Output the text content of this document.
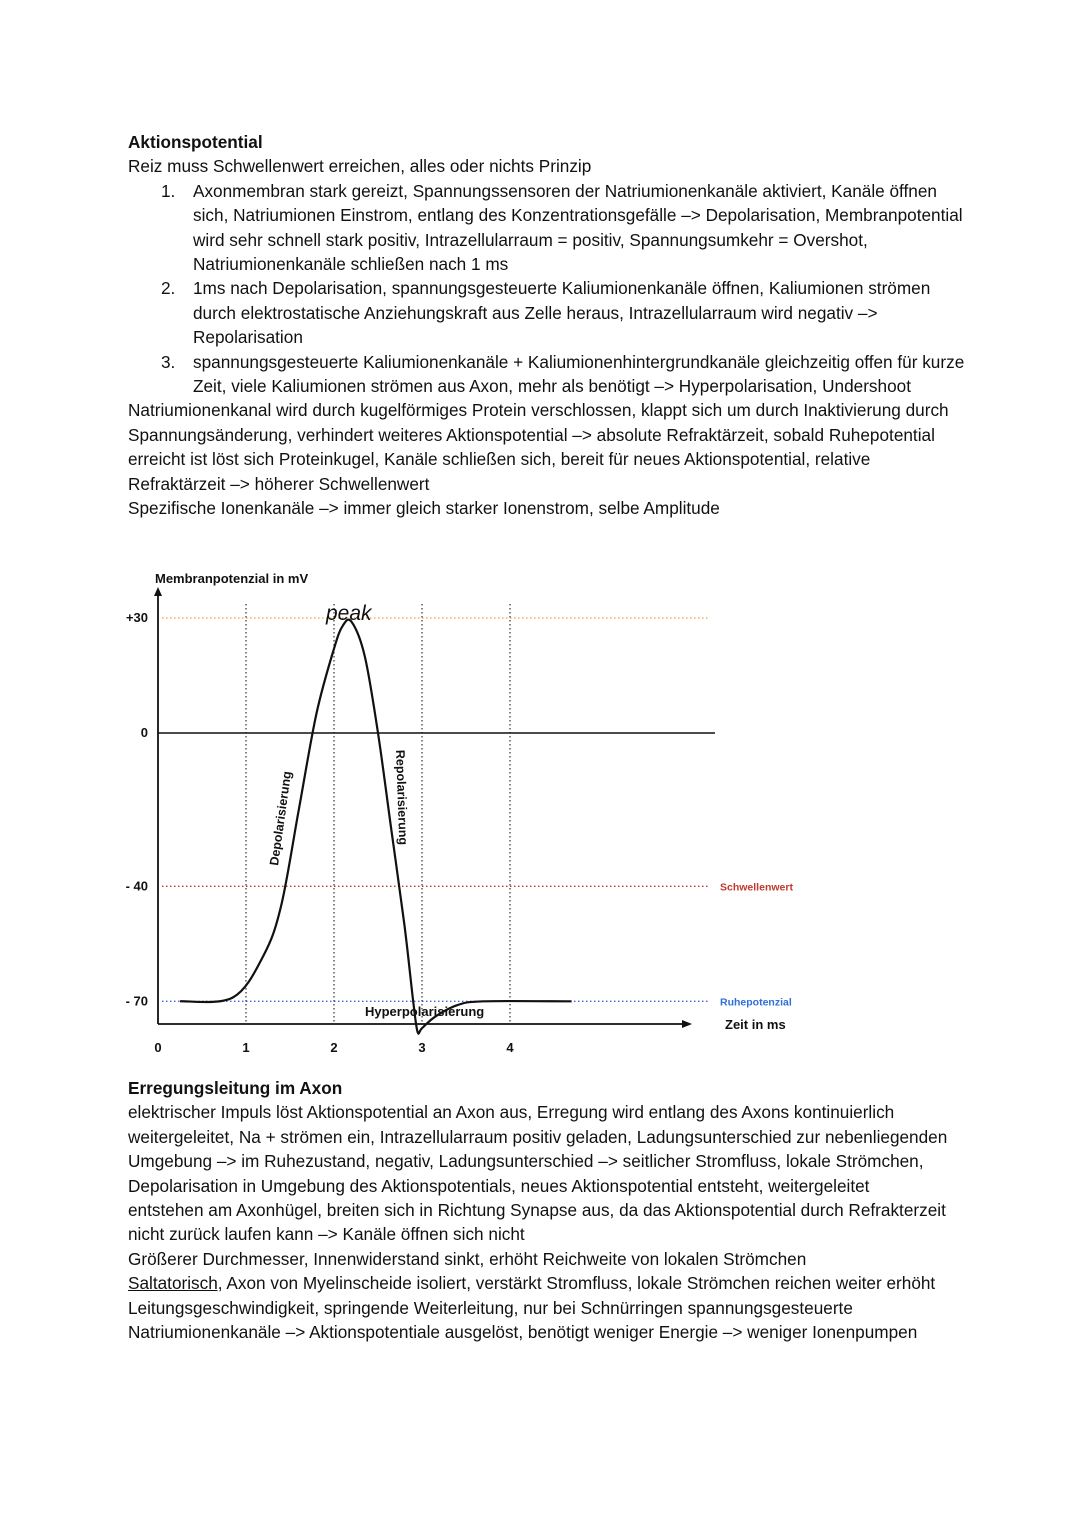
Aktionspotential

Reiz muss Schwellenwert erreichen, alles oder nichts Prinzip

1. Axonmembran stark gereizt, Spannungssensoren der Natriumionenkanäle aktiviert, Kanäle öffnen sich, Natriumionen Einstrom, entlang des Konzentrationsgefälle –> Depolarisation, Membranpotential wird sehr schnell stark positiv, Intrazellularraum = positiv, Spannungsumkehr = Overshot, Natriumionenkanäle schließen nach 1 ms
2. 1ms nach Depolarisation, spannungsgesteuerte Kaliumionenkanäle öffnen, Kaliumionen strömen durch elektrostatische Anziehungskraft aus Zelle heraus, Intrazellularraum wird negativ –> Repolarisation
3. spannungsgesteuerte Kaliumionenkanäle + Kaliumionenhintergrundkanäle gleichzeitig offen für kurze Zeit, viele Kaliumionen strömen aus Axon, mehr als benötigt –> Hyperpolarisation, Undershoot

Natriumionenkanal wird durch kugelförmiges Protein verschlossen, klappt sich um durch Inaktivierung durch Spannungsänderung, verhindert weiteres Aktionspotential –> absolute Refraktärzeit, sobald Ruhepotential erreicht ist löst sich Proteinkugel, Kanäle schließen sich, bereit für neues Aktionspotential, relative Refraktärzeit –> höherer Schwellenwert

Spezifische Ionenkanäle –> immer gleich starker Ionenstrom, selbe Amplitude

Schwellenwert
Ruhepotenzial
Membranpotenzial in mV
Zeit in ms
+30
0
- 40
- 70
0	1	2	3	4
peak
Depolarisierung	Repolarisierung
Hyperpolarisierung
Erregungsleitung im Axon

elektrischer Impuls löst Aktionspotential an Axon aus, Erregung wird entlang des Axons kontinuierlich weitergeleitet, Na + strömen ein, Intrazellularraum positiv geladen, Ladungsunterschied zur nebenliegenden Umgebung –> im Ruhezustand, negativ, Ladungsunterschied –> seitlicher Stromfluss, lokale Strömchen, Depolarisation in Umgebung des Aktionspotentials, neues Aktionspotential entsteht, weitergeleitet

entstehen am Axonhügel, breiten sich in Richtung Synapse aus, da das Aktionspotential durch Refrakterzeit nicht zurück laufen kann –> Kanäle öffnen sich nicht

Größerer Durchmesser, Innenwiderstand sinkt, erhöht Reichweite von lokalen Strömchen

Saltatorisch, Axon von Myelinscheide isoliert, verstärkt Stromfluss, lokale Strömchen reichen weiter erhöht Leitungsgeschwindigkeit, springende Weiterleitung, nur bei Schnürringen spannungsgesteuerte Natriumionenkanäle –> Aktionspotentiale ausgelöst, benötigt weniger Energie –> weniger Ionenpumpen
